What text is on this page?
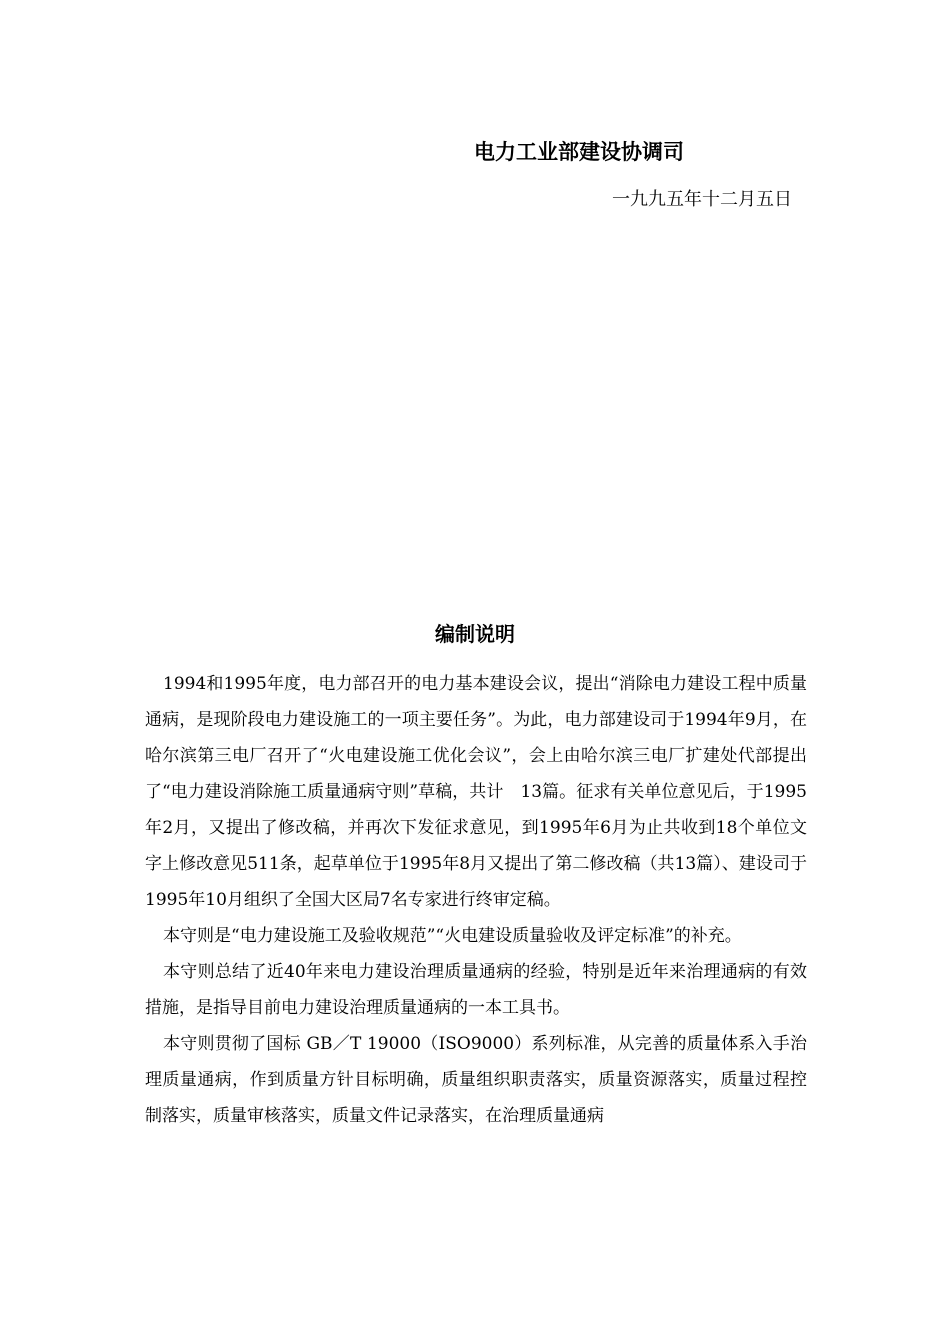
电力工业部建设协调司
一九九五年十二月五日
编制说明

1994和1995年度，电力部召开的电力基本建设会议，提出“消除电力建设工程中质量通病，是现阶段电力建设施工的一项主要任务”。为此，电力部建设司于1994年9月，在哈尔滨第三电厂召开了“火电建设施工优化会议”，会上由哈尔滨三电厂扩建处代部提出了“电力建设消除施工质量通病守则”草稿，共计　13篇。征求有关单位意见后，于1995年2月，又提出了修改稿，并再次下发征求意见，到1995年6月为止共收到18个单位文字上修改意见511条，起草单位于1995年8月又提出了第二修改稿（共13篇）、建设司于1995年10月组织了全国大区局7名专家进行终审定稿。

本守则是“电力建设施工及验收规范”“火电建设质量验收及评定标准”的补充。

本守则总结了近40年来电力建设治理质量通病的经验，特别是近年来治理通病的有效措施，是指导目前电力建设治理质量通病的一本工具书。

本守则贯彻了国标 GB／T 19000（ISO9000）系列标准，从完善的质量体系入手治理质量通病，作到质量方针目标明确，质量组织职责落实，质量资源落实，质量过程控制落实，质量审核落实，质量文件记录落实，在治理质量通病
